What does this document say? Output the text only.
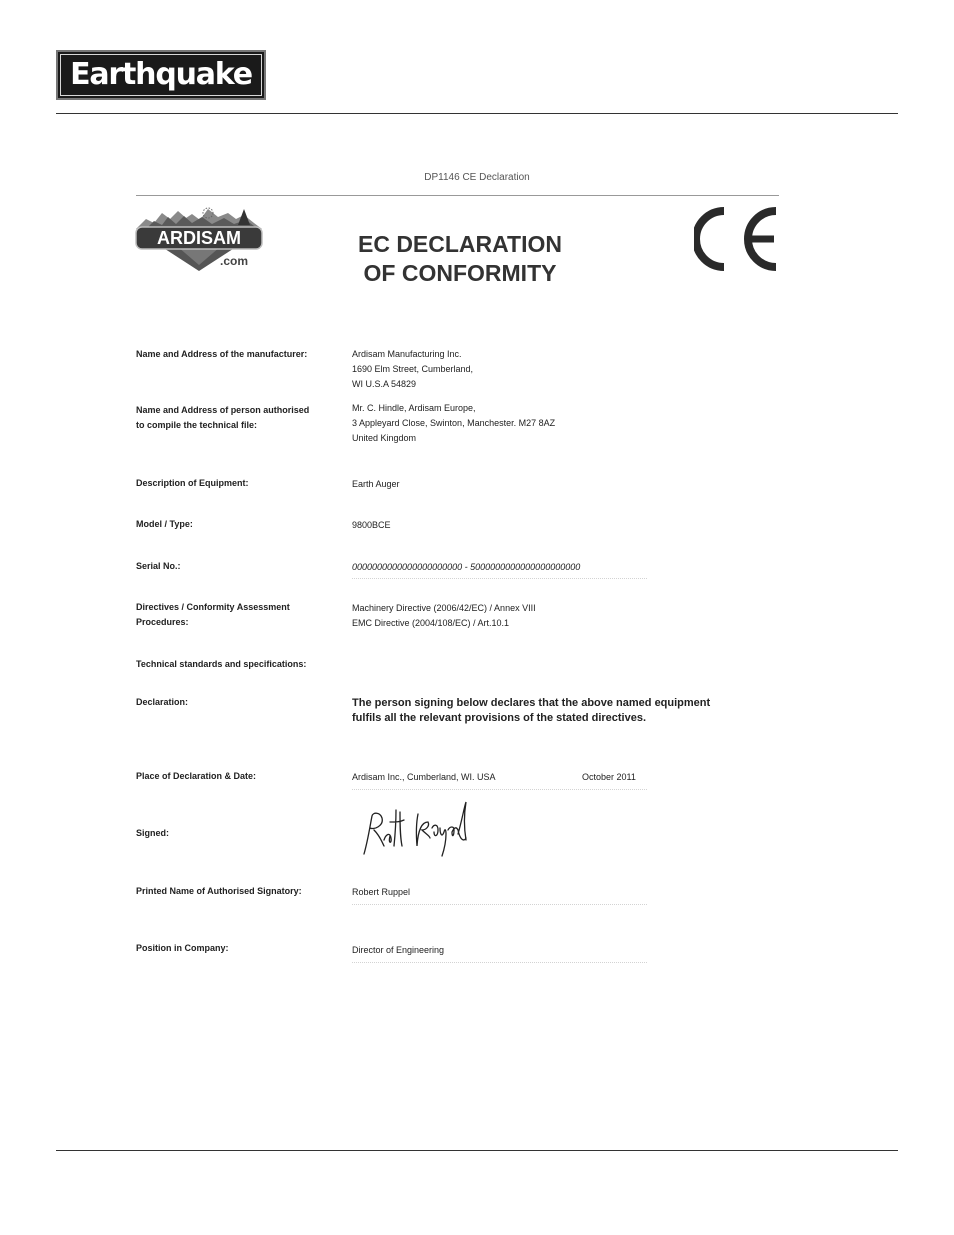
Earthquake
DP1146 CE Declaration
ARDISAM
.com
EC DECLARATION
OF CONFORMITY

Name and Address of the manufacturer:	Ardisam Manufacturing Inc.
1690 Elm Street, Cumberland,
WI U.S.A 54829
Name and Address of person authorised
to compile the technical file:
Mr. C. Hindle, Ardisam Europe,
3 Appleyard Close, Swinton, Manchester. M27 8AZ
United Kingdom

Description of Equipment:	Earth Auger

Model / Type:	9800BCE

Serial No.:	0000000000000000000000 - 5000000000000000000000

Directives / Conformity Assessment
Procedures:
Machinery Directive (2006/42/EC) / Annex VIII
EMC Directive (2004/108/EC) / Art.10.1

Technical standards and specifications:

Declaration:	The person signing below declares that the above named equipment
fulfils all the relevant provisions of the stated directives.

Place of Declaration & Date:	Ardisam Inc., Cumberland, WI. USA	October 2011

Signed:

Printed Name of Authorised Signatory:	Robert Ruppel

Position in Company:	Director of Engineering
